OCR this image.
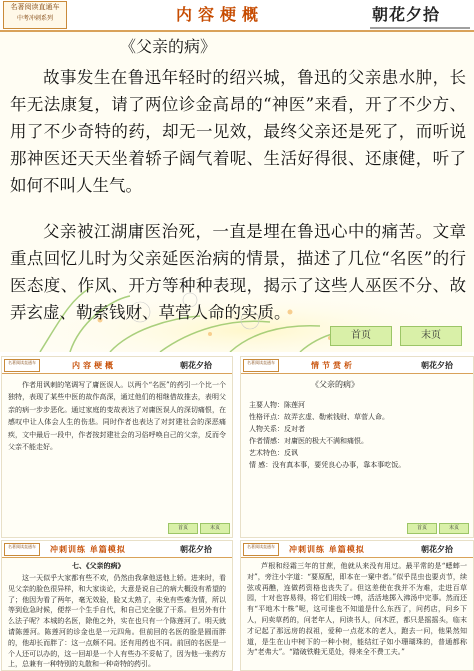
名著阅读直通车
中考冲刺系列	内容梗概	朝花夕拾
《父亲的病》
故事发生在鲁迅年轻时的绍兴城，鲁迅的父亲患水肿，长年无法康复，请了两位诊金高昂的“神医”来看，开了不少方、用了不少奇特的药，却无一见效，最终父亲还是死了，而听说那神医还天天坐着轿子阔气着呢、生活好得很、还康健，听了如何不叫人生气。
父亲被江湖庸医治死，一直是埋在鲁迅心中的痛苦。文章重点回忆儿时为父亲延医治病的情景，描述了几位“名医”的行医态度、作风、开方等种种表现，揭示了这些人巫医不分、故弄玄虚、勒索钱财、草菅人命的实质。
首页	末页
名著阅读直通车	内容梗概	朝花夕拾
作者用讽刺的笔调写了庸医误人。以两个“名医”的药引一个比一个独特，表现了某些中医的故作高深，通过他们的相继借故推去，表明父亲的病一步步恶化。通过家庭的变故表达了对庸医误人的深切痛恨，在感叹中让人体会人生的伤悲。同时作者也表达了对封建社会的深恶痛疾，文中最后一段中，作者按封建社会的习俗呼唤自己的父亲，反而令父亲不能走好。
首页	末页
名著阅读直通车	情节赏析	朝花夕拾
《父亲的病》
主要人物：陈莲河
性格评点：故弄玄虚、勒索钱财、草菅人命。
人物关系：反对者
作者情感：对庸医的极大不满和痛恨。
艺术特色：反讽
情 感：没有真本事，要凭良心办事，靠本事吃饭。
首页	末页
名著阅读直通车	冲刺训练 单篇模拟	朝花夕拾
七、《父亲的病》
这一天似乎大家都有些不欢，仍然由我拿他送他上轿。进来时，看见父亲的脸色很异样，和大家谈论，大意是说自己的病大概没有希望的了；他因为看了两年，毫无效验，脸又太熟了，未免有些难为情，所以等到危急时候，便荐一个生手自代，和自己完全脱了干系。但另外有什么法子呢？本城的名医，除他之外，实在也只有一个陈莲河了。明天就请陈莲河。陈莲河的诊金也是一元四角。但前回的名医的脸是圆而胖的，他却长而胖了：这一点颇不同。还有用药也不同。前回的名医是一个人还可以办的，这一回却是一个人有些办不妥帖了，因为他一张药方上，总兼有一种特别的丸散和一种奇特的药引。
名著阅读直通车	冲刺训练 单篇模拟	朝花夕拾
芦根和经霜三年的甘蔗，他就从来没有用过。最平常的是“蟋蟀一对”，旁注小字道：“要原配，即本在一窠中者。”似乎昆虫也要贞节，续弦或再醮，连做药资格也丧失了。但这差使在我并不为难，走进百草园，十对也容易得，将它们用线一缚，活活地掷入沸汤中完事。然而还有“平地木十株”呢，这可谁也不知道是什么东西了，问药店，问乡下人，问卖草药的，问老年人，问读书人，问木匠，都只是摇摇头，临末才记起了那远房的叔祖，爱种一点花木的老人，跑去一问，他果然知道，是生在山中树下的一种小树，能结红子如小珊瑚珠的，普通都称为“老弗大”。“踏破铁鞋无觅处，得来全不费工夫。”
